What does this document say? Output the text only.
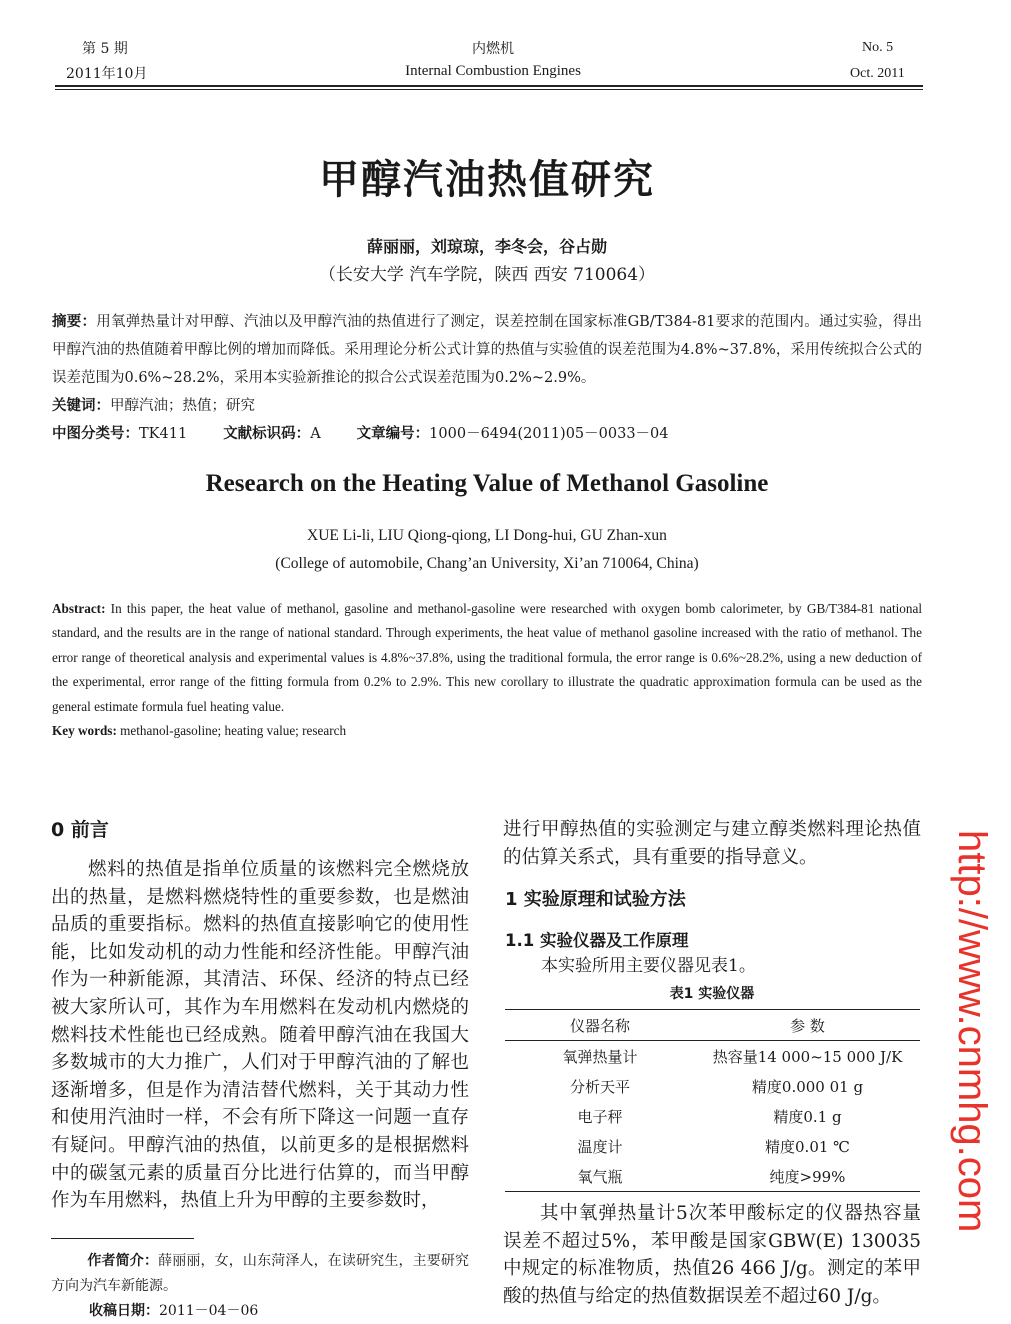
第 5 期
2011年10月
内燃机
Internal Combustion Engines
No. 5
Oct. 2011
甲醇汽油热值研究
薛丽丽，刘琼琼，李冬会，谷占勋
（长安大学 汽车学院，陕西 西安 710064）
摘要：用氧弹热量计对甲醇、汽油以及甲醇汽油的热值进行了测定，误差控制在国家标准GB/T384-81要求的范围内。通过实验，得出甲醇汽油的热值随着甲醇比例的增加而降低。采用理论分析公式计算的热值与实验值的误差范围为4.8%~37.8%，采用传统拟合公式的误差范围为0.6%~28.2%，采用本实验新推论的拟合公式误差范围为0.2%~2.9%。
关键词：甲醇汽油；热值；研究
中图分类号：TK411 文献标识码：A 文章编号：1000－6494(2011)05－0033－04
Research on the Heating Value of Methanol Gasoline
XUE Li-li, LIU Qiong-qiong, LI Dong-hui, GU Zhan-xun
(College of automobile, Chang’an University, Xi’an 710064, China)
Abstract: In this paper, the heat value of methanol, gasoline and methanol-gasoline were researched with oxygen bomb calorimeter, by GB/T384-81 national standard, and the results are in the range of national standard. Through experiments, the heat value of methanol gasoline increased with the ratio of methanol. The error range of theoretical analysis and experimental values is 4.8%~37.8%, using the traditional formula, the error range is 0.6%~28.2%, using a new deduction of the experimental, error range of the fitting formula from 0.2% to 2.9%. This new corollary to illustrate the quadratic approximation formula can be used as the general estimate formula fuel heating value.
Key words: methanol-gasoline; heating value; research
0 前言
燃料的热值是指单位质量的该燃料完全燃烧放出的热量，是燃料燃烧特性的重要参数，也是燃油品质的重要指标。燃料的热值直接影响它的使用性能，比如发动机的动力性能和经济性能。甲醇汽油作为一种新能源，其清洁、环保、经济的特点已经被大家所认可，其作为车用燃料在发动机内燃烧的燃料技术性能也已经成熟。随着甲醇汽油在我国大多数城市的大力推广，人们对于甲醇汽油的了解也逐渐增多，但是作为清洁替代燃料，关于其动力性和使用汽油时一样，不会有所下降这一问题一直存有疑问。甲醇汽油的热值，以前更多的是根据燃料中的碳氢元素的质量百分比进行估算的，而当甲醇作为车用燃料，热值上升为甲醇的主要参数时，
作者简介：薛丽丽，女，山东菏泽人，在读研究生，主要研究方向为汽车新能源。
收稿日期：2011－04－06
进行甲醇热值的实验测定与建立醇类燃料理论热值的估算关系式，具有重要的指导意义。
1 实验原理和试验方法
1.1 实验仪器及工作原理
本实验所用主要仪器见表1。
表1 实验仪器
仪器名称	参 数
氧弹热量计	热容量14 000~15 000 J/K
分析天平	精度0.000 01 g
电子秤	精度0.1 g
温度计	精度0.01 ℃
氧气瓶	纯度>99%
其中氧弹热量计5次苯甲酸标定的仪器热容量误差不超过5%，苯甲酸是国家GBW(E) 130035中规定的标准物质，热值26 466 J/g。测定的苯甲酸的热值与给定的热值数据误差不超过60 J/g。
http://www.cnmhg.com
